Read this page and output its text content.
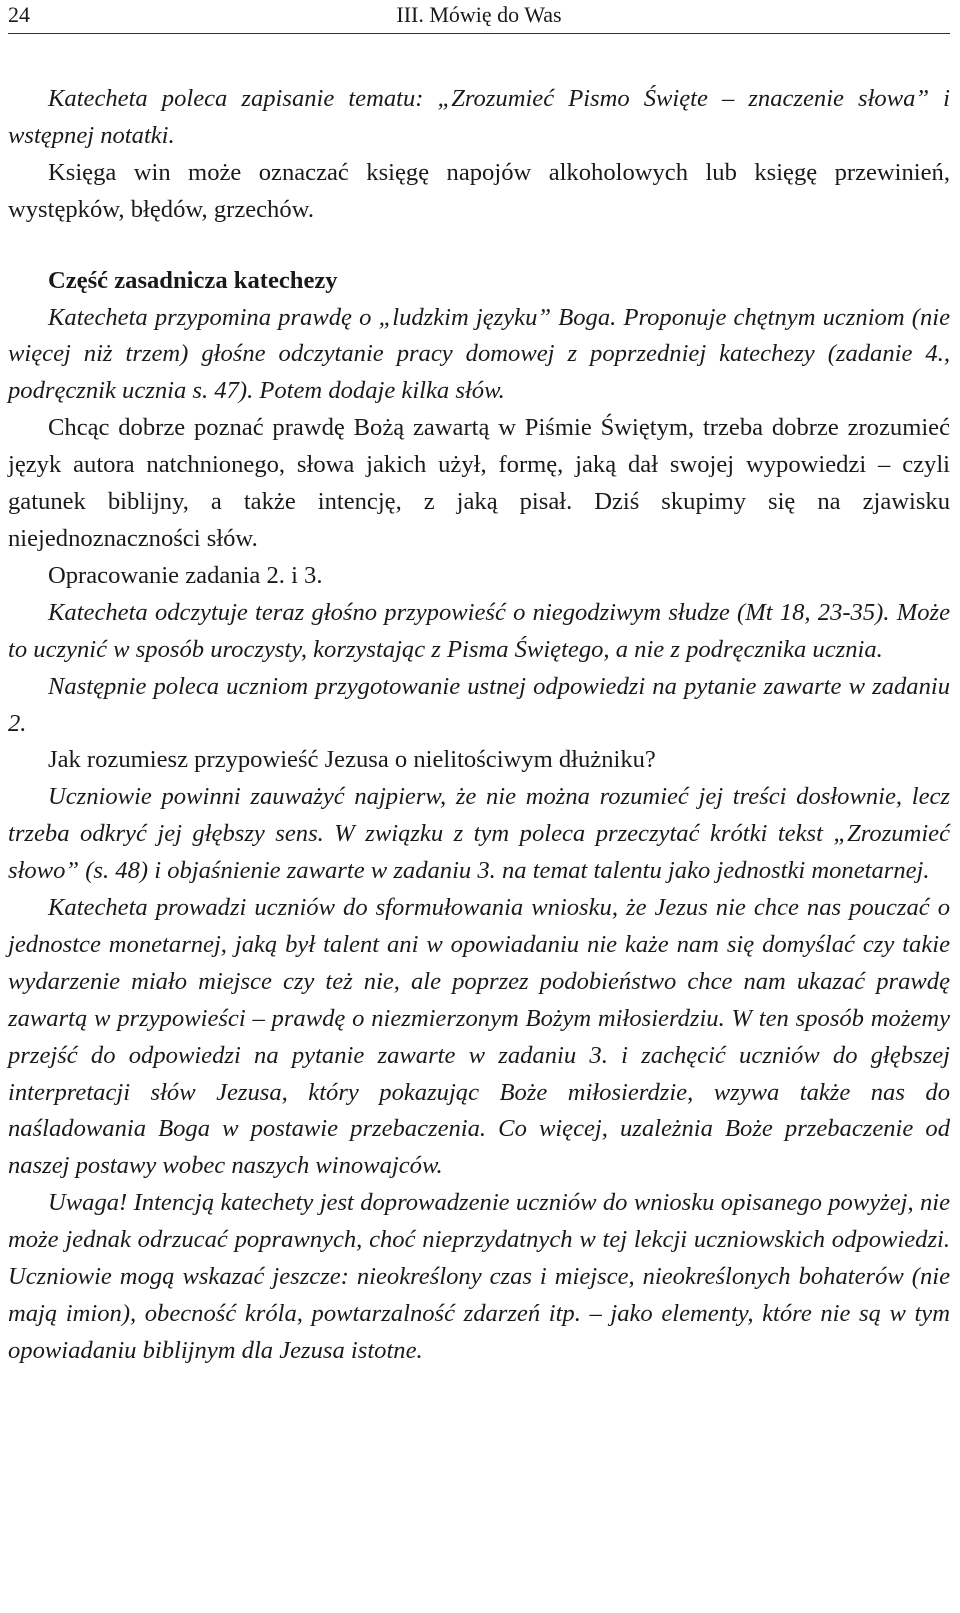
24	III. Mówię do Was

Katecheta poleca zapisanie tematu: „Zrozumieć Pismo Święte – znaczenie słowa” i wstępnej notatki.

Księga win może oznaczać księgę napojów alkoholowych lub księgę przewinień, występków, błędów, grzechów.

Część zasadnicza katechezy

Katecheta przypomina prawdę o „ludzkim języku” Boga. Proponuje chętnym uczniom (nie więcej niż trzem) głośne odczytanie pracy domowej z poprzedniej katechezy (zadanie 4., podręcznik ucznia s. 47). Potem dodaje kilka słów.

Chcąc dobrze poznać prawdę Bożą zawartą w Piśmie Świętym, trzeba dobrze zrozumieć język autora natchnionego, słowa jakich użył, formę, jaką dał swojej wypowiedzi – czyli gatunek biblijny, a także intencję, z jaką pisał. Dziś skupimy się na zjawisku niejednoznaczności słów.

Opracowanie zadania 2. i 3.

Katecheta odczytuje teraz głośno przypowieść o niegodziwym słudze (Mt 18, 23-35). Może to uczynić w sposób uroczysty, korzystając z Pisma Świętego, a nie z podręcznika ucznia.

Następnie poleca uczniom przygotowanie ustnej odpowiedzi na pytanie zawarte w zadaniu 2.

Jak rozumiesz przypowieść Jezusa o nielitościwym dłużniku?

Uczniowie powinni zauważyć najpierw, że nie można rozumieć jej treści dosłownie, lecz trzeba odkryć jej głębszy sens. W związku z tym poleca przeczytać krótki tekst „Zrozumieć słowo” (s. 48) i objaśnienie zawarte w zadaniu 3. na temat talentu jako jednostki monetarnej.

Katecheta prowadzi uczniów do sformułowania wniosku, że Jezus nie chce nas pouczać o jednostce monetarnej, jaką był talent ani w opowiadaniu nie każe nam się domyślać czy takie wydarzenie miało miejsce czy też nie, ale poprzez podobieństwo chce nam ukazać prawdę zawartą w przypowieści – prawdę o niezmierzonym Bożym miłosierdziu. W ten sposób możemy przejść do odpowiedzi na pytanie zawarte w zadaniu 3. i zachęcić uczniów do głębszej interpretacji słów Jezusa, który pokazując Boże miłosierdzie, wzywa także nas do naśladowania Boga w postawie przebaczenia. Co więcej, uzależnia Boże przebaczenie od naszej postawy wobec naszych winowajców.

Uwaga! Intencją katechety jest doprowadzenie uczniów do wniosku opisanego powyżej, nie może jednak odrzucać poprawnych, choć nieprzydatnych w tej lekcji uczniowskich odpowiedzi. Uczniowie mogą wskazać jeszcze: nieokreślony czas i miejsce, nieokreślonych bohaterów (nie mają imion), obecność króla, powtarzalność zdarzeń itp. – jako elementy, które nie są w tym opowiadaniu biblijnym dla Jezusa istotne.
